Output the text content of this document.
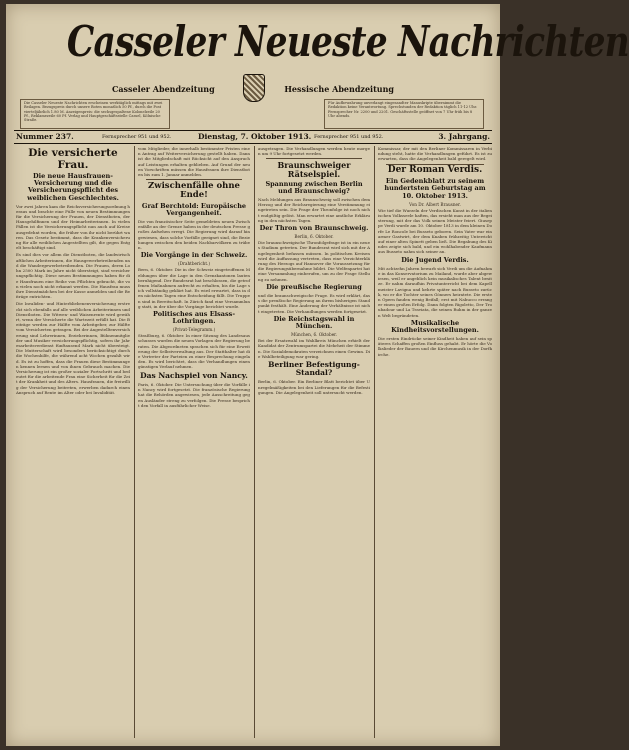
Casseler Neueste Nachrichten
Casseler Abendzeitung	Hessische Abendzeitung
Die Casseler Neueste Nachrichten erscheinen werktäglich mittags mit zwei Beilagen. Bezugspreis durch unsere Boten monatlich 50 Pf., durch die Post vierteljährlich 1.80 M. Anzeigenpreis: die sechsgespaltene Kolonelzeile 20 Pf., Reklamezeile 60 Pf. Verlag und Hauptgeschäftsstelle Cassel, Kölnische Straße.
Für Aufbewahrung unverlangt eingesandter Manuskripte übernimmt die Redaktion keine Verantwortung. Sprechstunden der Redaktion täglich 11-12 Uhr. Fernsprecher Nr. 2200 und 2201. Geschäftsstelle geöffnet von 7 Uhr früh bis 8 Uhr abends.
Nummer 237.	Fernsprecher 951 und 952.	Dienstag, 7. Oktober 1913. Fernsprecher 951 und 952.	3. Jahrgang.
Die versicherte Frau.
Die neue Hausfrauen-Versicherung und die Versicherungspflicht des weiblichen Geschlechtes.

Vor zwei Jahren kam die Reichsversicherungsordnung heraus und brachte eine Fülle von neuen Bestimmungen für die Versicherung der Frauen, der Dienstboten, der Hausgehilfinnen und der Heimarbeiterinnen. In vielen Fällen ist die Versicherungspflicht nun auch auf Kreise ausgedehnt worden, die früher von ihr nicht berührt waren. Das Gesetz bestimmt, dass die Krankenversicherung für alle weiblichen Angestellten gilt, die gegen Entgelt beschäftigt sind.

Es sind dies vor allem die Dienstboten, die landwirtschaftlichen Arbeiterinnen, die Hausgewerbetreibenden und die Wandergewerbetreibenden. Die Frauen, deren Lohn 2500 Mark im Jahre nicht übersteigt, sind versicherungspflichtig. Diese neuen Bestimmungen haben für die Hausfrauen eine Reihe von Pflichten gebracht, die von vielen noch nicht erkannt werden. Die Hausfrau muss ihre Dienstmädchen bei der Kasse anmelden und die Beiträge entrichten.

Die Invaliden- und Hinterbliebenenversicherung erstreckt sich ebenfalls auf alle weiblichen Arbeiterinnen und Dienstboten. Die Witwen- und Waisenrente wird gewährt, wenn der Versicherte die Wartezeit erfüllt hat. Die Beiträge werden zur Hälfte vom Arbeitgeber, zur Hälfte vom Versicherten getragen. Bei der Angestelltenversicherung sind Lehrerinnen, Erzieherinnen, Bühnenmitglieder und Musiker versicherungspflichtig, sofern ihr Jahresarbeitsverdienst fünftausend Mark nicht übersteigt. Die Mutterschaft wird besonders berücksichtigt durch die Wochenhilfe, die während acht Wochen gezahlt wird. Es ist zu hoffen, dass die Frauen diese Bestimmungen kennen lernen und von ihnen Gebrauch machen. Die Versicherung ist ein großer sozialer Fortschritt und bedeutet für die arbeitende Frau eine Sicherheit für die Zeit der Krankheit und des Alters. Hausfrauen, die freiwillig der Versicherung beitreten, erwerben dadurch einen Anspruch auf Rente im Alter oder bei Invalidität.

vom Mitglieder, die innerhalb bestimmter Fristen einen Antrag auf Weiterversicherung gestellt haben. Dann ist die Mitgliedschaft mit Rücksicht auf den Anspruch auf Leistungen erhalten geblieben. Auf Grund der neuen Vorschriften müssen die Hausfrauen ihre Dienstboten bis zum 1. Januar anmelden.

Zwischenfälle ohne Ende!
Graf Berchtold: Europäische Vergangenheit.

Die von französischer Seite gemeldeten neuen Zwischenfälle an der Grenze haben in der deutschen Presse großes Aufsehen erregt. Die Regierung wird darauf hingewiesen, dass solche Vorfälle geeignet sind, die Beziehungen zwischen den beiden Nachbarvölkern zu trüben.

Die Vorgänge in der Schweiz.
(Drahtbericht.)

Bern, 6. Oktober. Die in der Schweiz eingetroffenen Meldungen über die Lage in den Grenzkantonen lauten beruhigend. Der Bundesrat hat beschlossen, die getroffenen Maßnahmen aufrecht zu erhalten, bis die Lage sich vollständig geklärt hat. Es wird erwartet, dass in den nächsten Tagen eine Entscheidung fällt. Die Truppen sind in Bereitschaft. In Zürich fand eine Versammlung statt, in der über die Vorgänge berichtet wurde.

Politisches aus Elsass-Lothringen.
(Privat-Telegramm.)

Straßburg, 6. Oktober. In einer Sitzung des Landesausschusses wurden die neuen Vorlagen der Regierung beraten. Die Abgeordneten sprachen sich für eine Erweiterung der Selbstverwaltung aus. Der Statthalter hat die Vertreter der Parteien zu einer Besprechung eingeladen. Es wird berichtet, dass die Verhandlungen einen günstigen Verlauf nehmen.

Das Nachspiel von Nancy.

Paris, 6. Oktober. Die Untersuchung über die Vorfälle in Nancy wird fortgesetzt. Die französische Regierung hat die Behörden angewiesen, jede Ausschreitung gegen Ausländer streng zu verfolgen. Die Presse bespricht den Vorfall in ausführlicher Weise.

ausgetragen. Die Verhandlungen werden heute morgen um 9 Uhr fortgesetzt werden.

Braunschweiger Rätselspiel.
Spannung zwischen Berlin und Braunschweig?

Nach Meldungen aus Braunschweig soll zwischen dem Herzog und der Reichsregierung eine Verstimmung eingetreten sein. Die Frage der Thronfolge ist noch nicht endgültig gelöst. Man erwartet eine amtliche Erklärung in den nächsten Tagen.

Der Thron von Braunschweig.
Berlin, 6. Oktober.

Die braunschweigische Thronfolgefrage ist in ein neues Stadium getreten. Der Bundesrat wird sich mit der Angelegenheit befassen müssen. In politischen Kreisen wird die Auffassung vertreten, dass eine Verzichterklärung des Herzogs auf Hannover die Voraussetzung für die Regierungsübernahme bildet. Die Welfenpartei hat eine Versammlung einberufen, um zu der Frage Stellung zu nehmen.

Die preußische Regierung

und die braunschweigische Frage. Es wird erklärt, dass die preußische Regierung an ihrem bisherigen Standpunkt festhält. Eine Änderung der Verhältnisse ist nicht eingetreten. Die Verhandlungen werden fortgesetzt.

Die Reichstagswahl in München.
München, 6. Oktober.

Bei der Ersatzwahl im Wahlkreis München erhielt der Kandidat der Zentrumspartei die Mehrheit der Stimmen. Die Sozialdemokraten verzeichnen einen Gewinn. Die Wahlbeteiligung war gering.

Berliner Befestigung-Standal?

Berlin, 6. Oktober. Ein Berliner Blatt berichtet über Unregelmäßigkeiten bei den Lieferungen für die Befestigungen. Die Angelegenheit soll untersucht werden.

Kommissar, der mit den Berliner Kommissaren in Verbindung steht, hatte die Verhandlungen geführt. Es ist zu erwarten, dass die Angelegenheit bald geregelt wird.

Der Roman Verdis.
Ein Gedenkblatt zu seinem hundertsten Geburtstag am 10. Oktober 1913.
Von Dr. Albert Brausner.

Wie tief die Wurzeln der Verdischen Kunst in der italienischen Volksseele haften, das ersieht man aus der Begeisterung, mit der das Volk seinen Meister feiert. Giuseppe Verdi wurde am 10. Oktober 1813 in dem kleinen Dorfe Le Roncole bei Busseto geboren. Sein Vater war ein armer Gastwirt, der dem Knaben frühzeitig Unterricht auf einer alten Spinett geben ließ. Die Begabung des Kindes zeigte sich bald, und ein wohlhabender Kaufmann aus Busseto nahm sich seiner an.

Die Jugend Verdis.

Mit achtzehn Jahren bewarb sich Verdi um die Aufnahme in das Konservatorium zu Mailand, wurde aber abgewiesen, weil er angeblich kein musikalisches Talent besitze. Er nahm daraufhin Privatunterricht bei dem Kapellmeister Lavigna und kehrte später nach Busseto zurück, wo er die Tochter seines Gönners heiratete. Die ersten Opern fanden wenig Beifall; erst mit Nabucco errang er einen großen Erfolg. Dann folgten Rigoletto, Der Troubadour und La Traviata, die seinen Ruhm in der ganzen Welt begründeten.

Musikalische Kindheitsvorstellungen.

Die ersten Eindrücke seiner Kindheit haben auf sein späteres Schaffen großen Einfluss gehabt. Er hörte die Volkslieder der Bauern und die Kirchenmusik in der Dorfkirche.
